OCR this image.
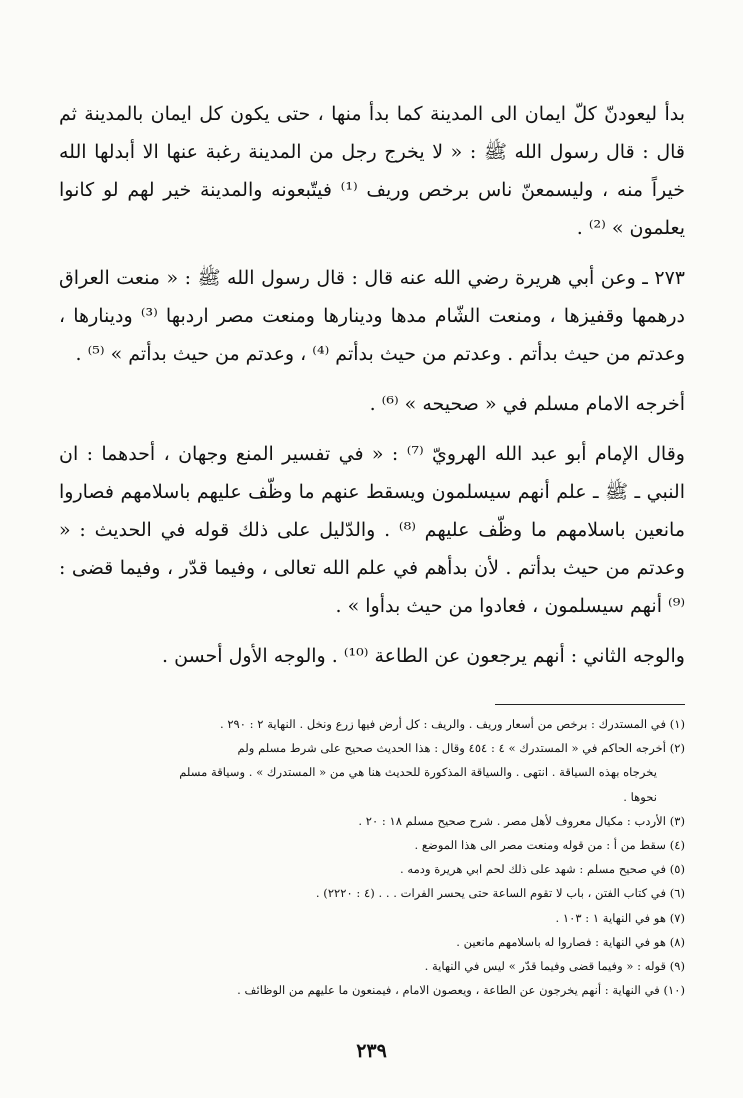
بدأ ليعودنّ كلّ ايمان الى المدينة كما بدأ منها ، حتى يكون كل ايمان بالمدينة ثم قال : قال رسول الله ﷺ : « لا يخرج رجل من المدينة رغبة عنها الا أبدلها الله خيراً منه ، وليسمعنّ ناس برخص وريف ⁽¹⁾ فيتّبعونه والمدينة خير لهم لو كانوا يعلمون » ⁽²⁾ .

٢٧٣ ـ وعن أبي هريرة رضي الله عنه قال : قال رسول الله ﷺ : « منعت العراق درهمها وقفيزها ، ومنعت الشّام مدها ودينارها ومنعت مصر اردبها ⁽³⁾ ودينارها ، وعدتم من حيث بدأتم . وعدتم من حيث بدأتم ⁽⁴⁾ ، وعدتم من حيث بدأتم » ⁽⁵⁾ .

أخرجه الامام مسلم في « صحيحه » ⁽⁶⁾ .

وقال الإمام أبو عبد الله الهرويّ ⁽⁷⁾ : « في تفسير المنع وجهان ، أحدهما : ان النبي ـ ﷺ ـ علم أنهم سيسلمون ويسقط عنهم ما وظّف عليهم باسلامهم فصاروا مانعين باسلامهم ما وظّف عليهم ⁽⁸⁾ . والدّليل على ذلك قوله في الحديث : « وعدتم من حيث بدأتم . لأن بدأهم في علم الله تعالى ، وفيما قدّر ، وفيما قضى : ⁽⁹⁾ أنهم سيسلمون ، فعادوا من حيث بدأوا » .

والوجه الثاني : أنهم يرجعون عن الطاعة ⁽¹⁰⁾ . والوجه الأول أحسن .

(١) في المستدرك : برخص من أسعار وريف . والريف : كل أرض فيها زرع ونخل . النهاية ٢ : ٢٩٠ .

(٢) أخرجه الحاكم في « المستدرك » ٤ : ٤٥٤ وقال : هذا الحديث صحيح على شرط مسلم ولم

يخرجاه بهذه السياقة . انتهى . والسياقة المذكورة للحديث هنا هي من « المستدرك » . وسياقة مسلم

نحوها .

(٣) الأردب : مكيال معروف لأهل مصر . شرح صحيح مسلم ١٨ : ٢٠ .

(٤) سقط من أ : من قوله ومنعت مصر الى هذا الموضع .

(٥) في صحيح مسلم : شهد على ذلك لحم ابي هريرة ودمه .

(٦) في كتاب الفتن ، باب لا تقوم الساعة حتى يحسر الفرات . . . (٤ : ٢٢٢٠) .

(٧) هو في النهاية ١ : ١٠٣ .

(٨) هو في النهاية : فصاروا له باسلامهم مانعين .

(٩) قوله : « وفيما قضى وفيما قدّر » ليس في النهاية .

(١٠) في النهاية : أنهم يخرجون عن الطاعة ، ويعصون الامام ، فيمنعون ما عليهم من الوظائف .

٢٣٩
